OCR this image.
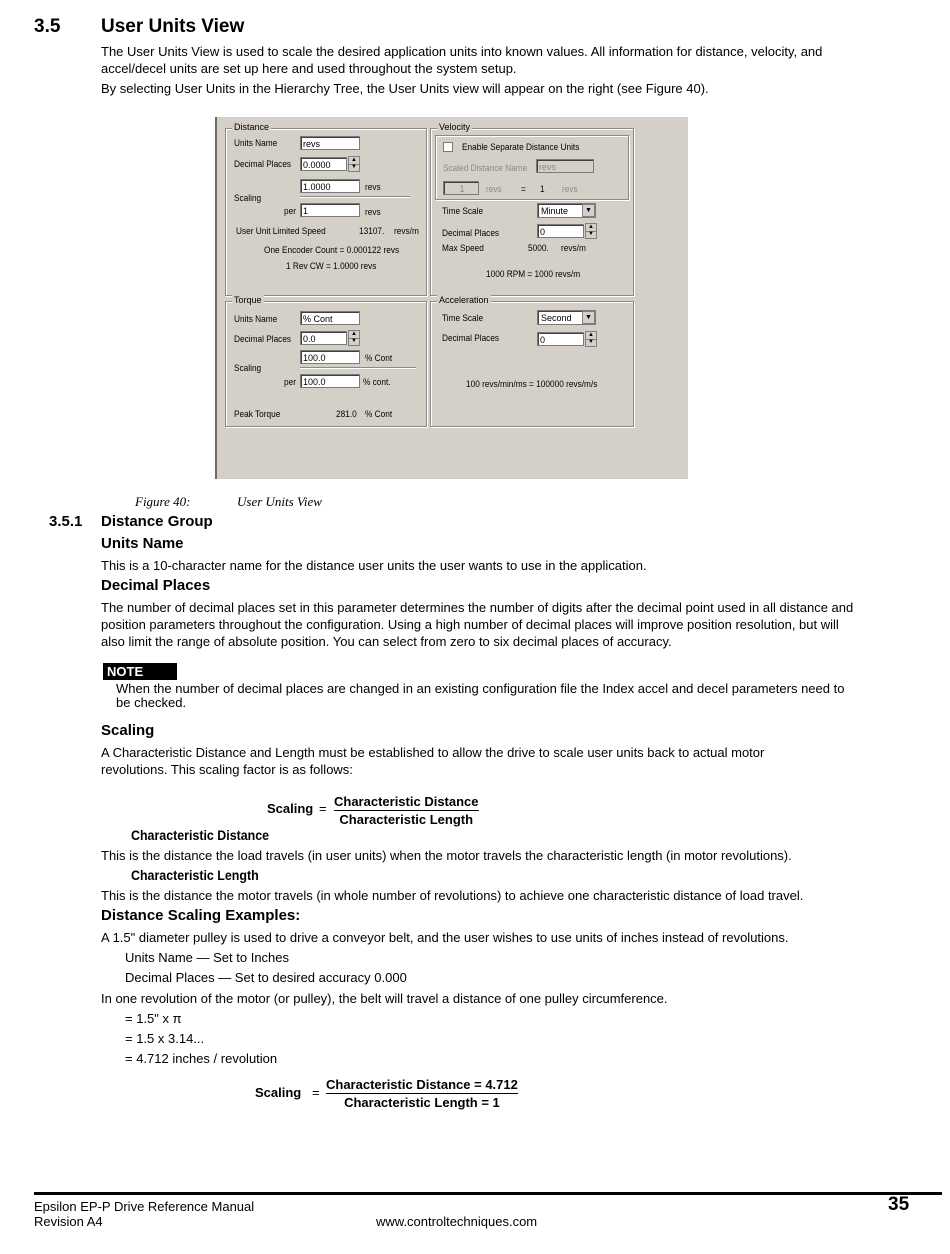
3.5 User Units View
The User Units View is used to scale the desired application units into known values. All information for distance, velocity, and accel/decel units are set up here and used throughout the system setup.
By selecting User Units in the Hierarchy Tree, the User Units view will appear on the right (see Figure 40).
Distance
Units Name	revs
Decimal Places	0.0000	▲
▼
1.0000	revs
Scaling
per 1	revs
User Unit Limited Speed	13107. revs/m
One Encoder Count = 0.000122 revs
1 Rev CW = 1.0000 revs
Velocity
Enable Separate Distance Units
Scaled Distance Name	revs
1	revs = 1 revs
Time Scale	Minute	▼
Decimal Places	0	▲
▼
Max Speed	5000. revs/m
1000 RPM = 1000 revs/m
Torque
Units Name	% Cont
Decimal Places	0.0	▲
▼
100.0	% Cont
Scaling
per 100.0	% cont.
Peak Torque	281.0 % Cont
Acceleration
Time Scale	Second	▼
Decimal Places	0	▲
▼
100 revs/min/ms = 100000 revs/m/s
Figure 40:	User Units View
3.5.1 Distance Group
Units Name
This is a 10-character name for the distance user units the user wants to use in the application.
Decimal Places
The number of decimal places set in this parameter determines the number of digits after the decimal point used in all distance and position parameters throughout the configuration. Using a high number of decimal places will improve position resolution, but will also limit the range of absolute position. You can select from zero to six decimal places of accuracy.
NOTE
When the number of decimal places are changed in an existing configuration file the Index accel and decel parameters need to be checked.
Scaling
A Characteristic Distance and Length must be established to allow the drive to scale user units back to actual motor revolutions. This scaling factor is as follows:
Scaling = Characteristic Distance
Characteristic Length
Characteristic Distance
This is the distance the load travels (in user units) when the motor travels the characteristic length (in motor revolutions).
Characteristic Length
This is the distance the motor travels (in whole number of revolutions) to achieve one characteristic distance of load travel.
Distance Scaling Examples:
A 1.5" diameter pulley is used to drive a conveyor belt, and the user wishes to use units of inches instead of revolutions.
Units Name — Set to Inches
Decimal Places — Set to desired accuracy 0.000
In one revolution of the motor (or pulley), the belt will travel a distance of one pulley circumference.
= 1.5" x π
= 1.5 x 3.14...
= 4.712 inches / revolution
Scaling =
Characteristic Distance = 4.712
Characteristic Length = 1
Epsilon EP-P Drive Reference Manual
Revision A4	www.controltechniques.com
35
